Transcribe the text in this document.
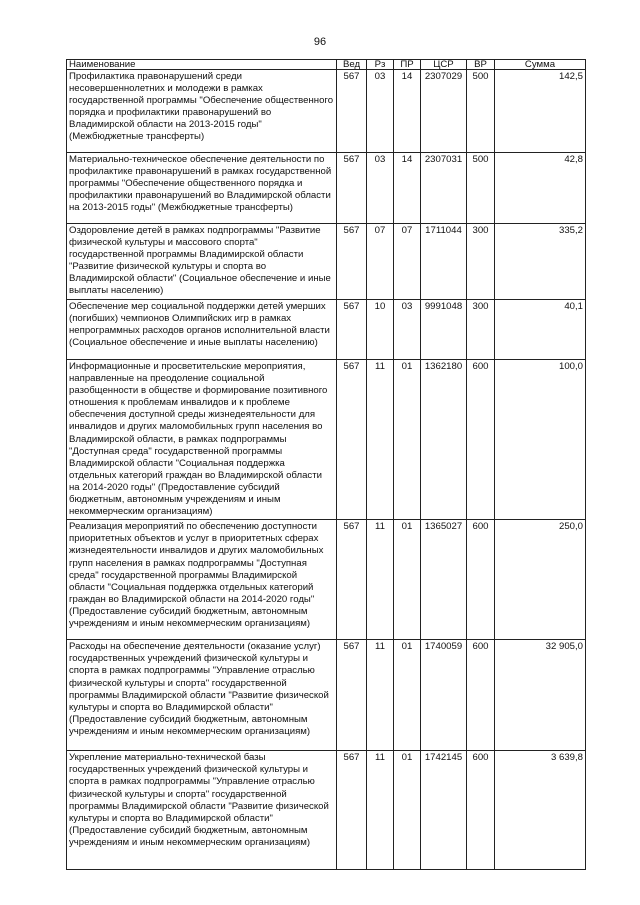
96
Наименование	Вед	Рз	ПР	ЦСР	ВР	Сумма
Профилактика правонарушений среди несовершеннолетних и молодежи в рамках государственной программы "Обеспечение общественного порядка и профилактики правонарушений во Владимирской области на 2013-2015 годы" (Межбюджетные трансферты)	567	03	14	2307029	500	142,5
Материально-техническое обеспечение деятельности по профилактике правонарушений в рамках государственной программы "Обеспечение общественного порядка и профилактики правонарушений во Владимирской области на 2013-2015 годы" (Межбюджетные трансферты)	567	03	14	2307031	500	42,8
Оздоровление детей в рамках подпрограммы "Развитие физической культуры и массового спорта" государственной программы Владимирской области "Развитие физической культуры и спорта во Владимирской области" (Социальное обеспечение и иные выплаты населению)	567	07	07	1711044	300	335,2
Обеспечение мер социальной поддержки детей умерших (погибших) чемпионов Олимпийских игр в рамках непрограммных расходов органов исполнительной власти (Социальное обеспечение и иные выплаты населению)	567	10	03	9991048	300	40,1
Информационные и просветительские мероприятия, направленные на преодоление социальной разобщенности в обществе и формирование позитивного отношения к проблемам инвалидов и к проблеме обеспечения доступной среды жизнедеятельности для инвалидов и других маломобильных групп населения во Владимирской области, в рамках подпрограммы "Доступная среда" государственной программы Владимирской области "Социальная поддержка отдельных категорий граждан во Владимирской области на 2014-2020 годы" (Предоставление субсидий бюджетным, автономным учреждениям и иным некоммерческим организациям)	567	11	01	1362180	600	100,0
Реализация мероприятий по обеспечению доступности приоритетных объектов и услуг в приоритетных сферах жизнедеятельности инвалидов и других маломобильных групп населения в рамках подпрограммы "Доступная среда" государственной программы Владимирской области "Социальная поддержка отдельных категорий граждан во Владимирской области на 2014-2020 годы" (Предоставление субсидий бюджетным, автономным учреждениям и иным некоммерческим организациям)	567	11	01	1365027	600	250,0
Расходы на обеспечение деятельности (оказание услуг) государственных учреждений физической культуры и спорта в рамках подпрограммы "Управление отраслью физической культуры и спорта" государственной программы Владимирской области "Развитие физической культуры и спорта во Владимирской области" (Предоставление субсидий бюджетным, автономным учреждениям и иным некоммерческим организациям)	567	11	01	1740059	600	32 905,0
Укрепление материально-технической базы государственных учреждений физической культуры и спорта в рамках подпрограммы "Управление отраслью физической культуры и спорта" государственной программы Владимирской области "Развитие физической культуры и спорта во Владимирской области" (Предоставление субсидий бюджетным, автономным учреждениям и иным некоммерческим организациям)	567	11	01	1742145	600	3 639,8
